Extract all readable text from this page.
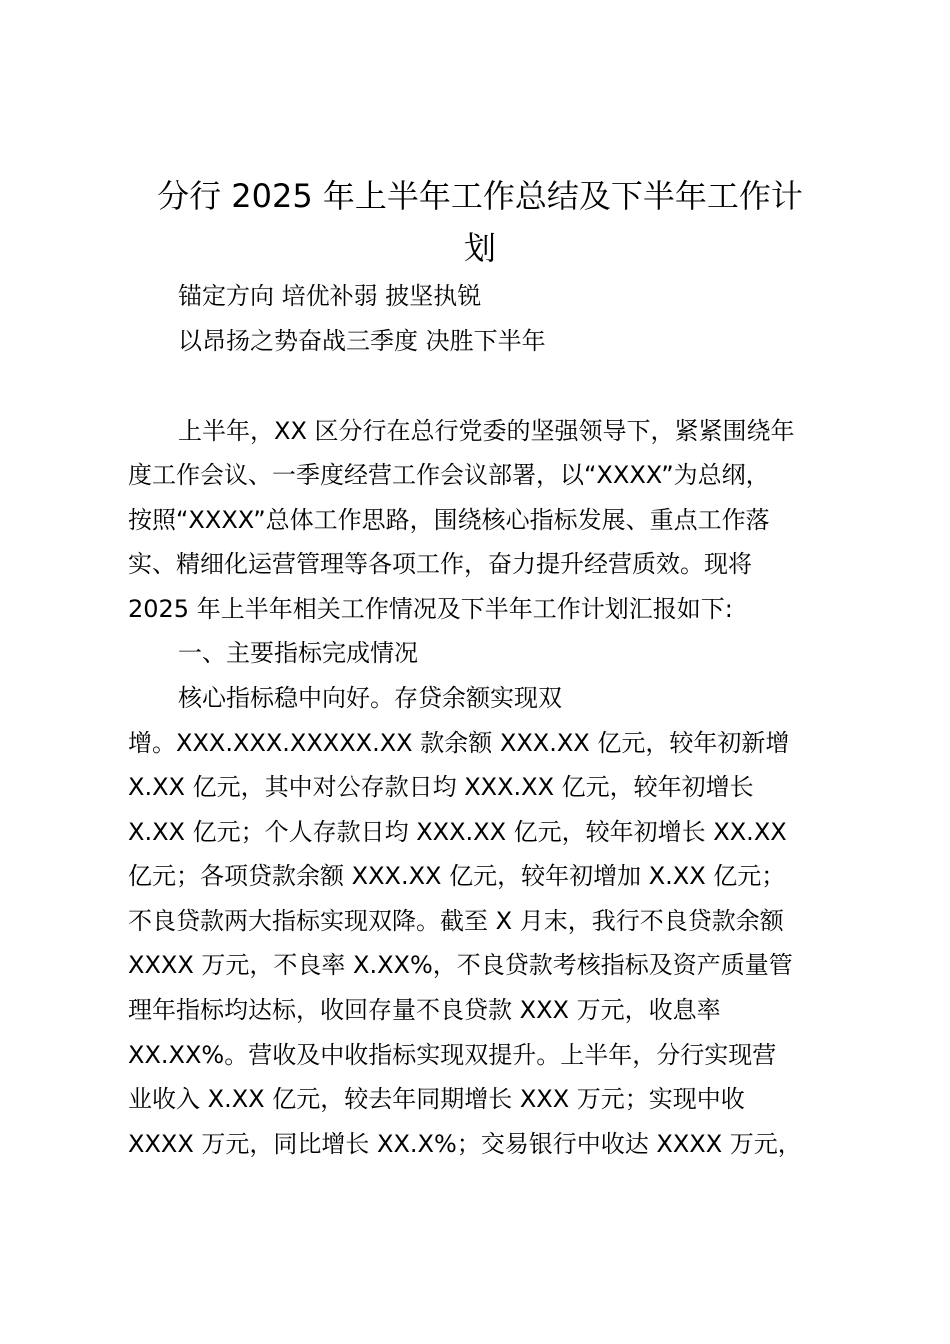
分行 2025 年上半年工作总结及下半年工作计
划

锚定方向 培优补弱 披坚执锐

以昂扬之势奋战三季度 决胜下半年

上半年，XX 区分行在总行党委的坚强领导下，紧紧围绕年

度工作会议、一季度经营工作会议部署，以“XXXX”为总纲，

按照“XXXX”总体工作思路，围绕核心指标发展、重点工作落

实、精细化运营管理等各项工作，奋力提升经营质效。现将

2025 年上半年相关工作情况及下半年工作计划汇报如下:

一、主要指标完成情况

核心指标稳中向好。存贷余额实现双

增。XXX.XXX.XXXXX.XX 款余额 XXX.XX 亿元，较年初新增

X.XX 亿元，其中对公存款日均 XXX.XX 亿元，较年初增长

X.XX 亿元；个人存款日均 XXX.XX 亿元，较年初增长 XX.XX

亿元；各项贷款余额 XXX.XX 亿元，较年初增加 X.XX 亿元；

不良贷款两大指标实现双降。截至 X 月末，我行不良贷款余额

XXXX 万元，不良率 X.XX%，不良贷款考核指标及资产质量管

理年指标均达标，收回存量不良贷款 XXX 万元，收息率

XX.XX%。营收及中收指标实现双提升。上半年，分行实现营

业收入 X.XX 亿元，较去年同期增长 XXX 万元；实现中收

XXXX 万元，同比增长 XX.X%；交易银行中收达 XXXX 万元，
